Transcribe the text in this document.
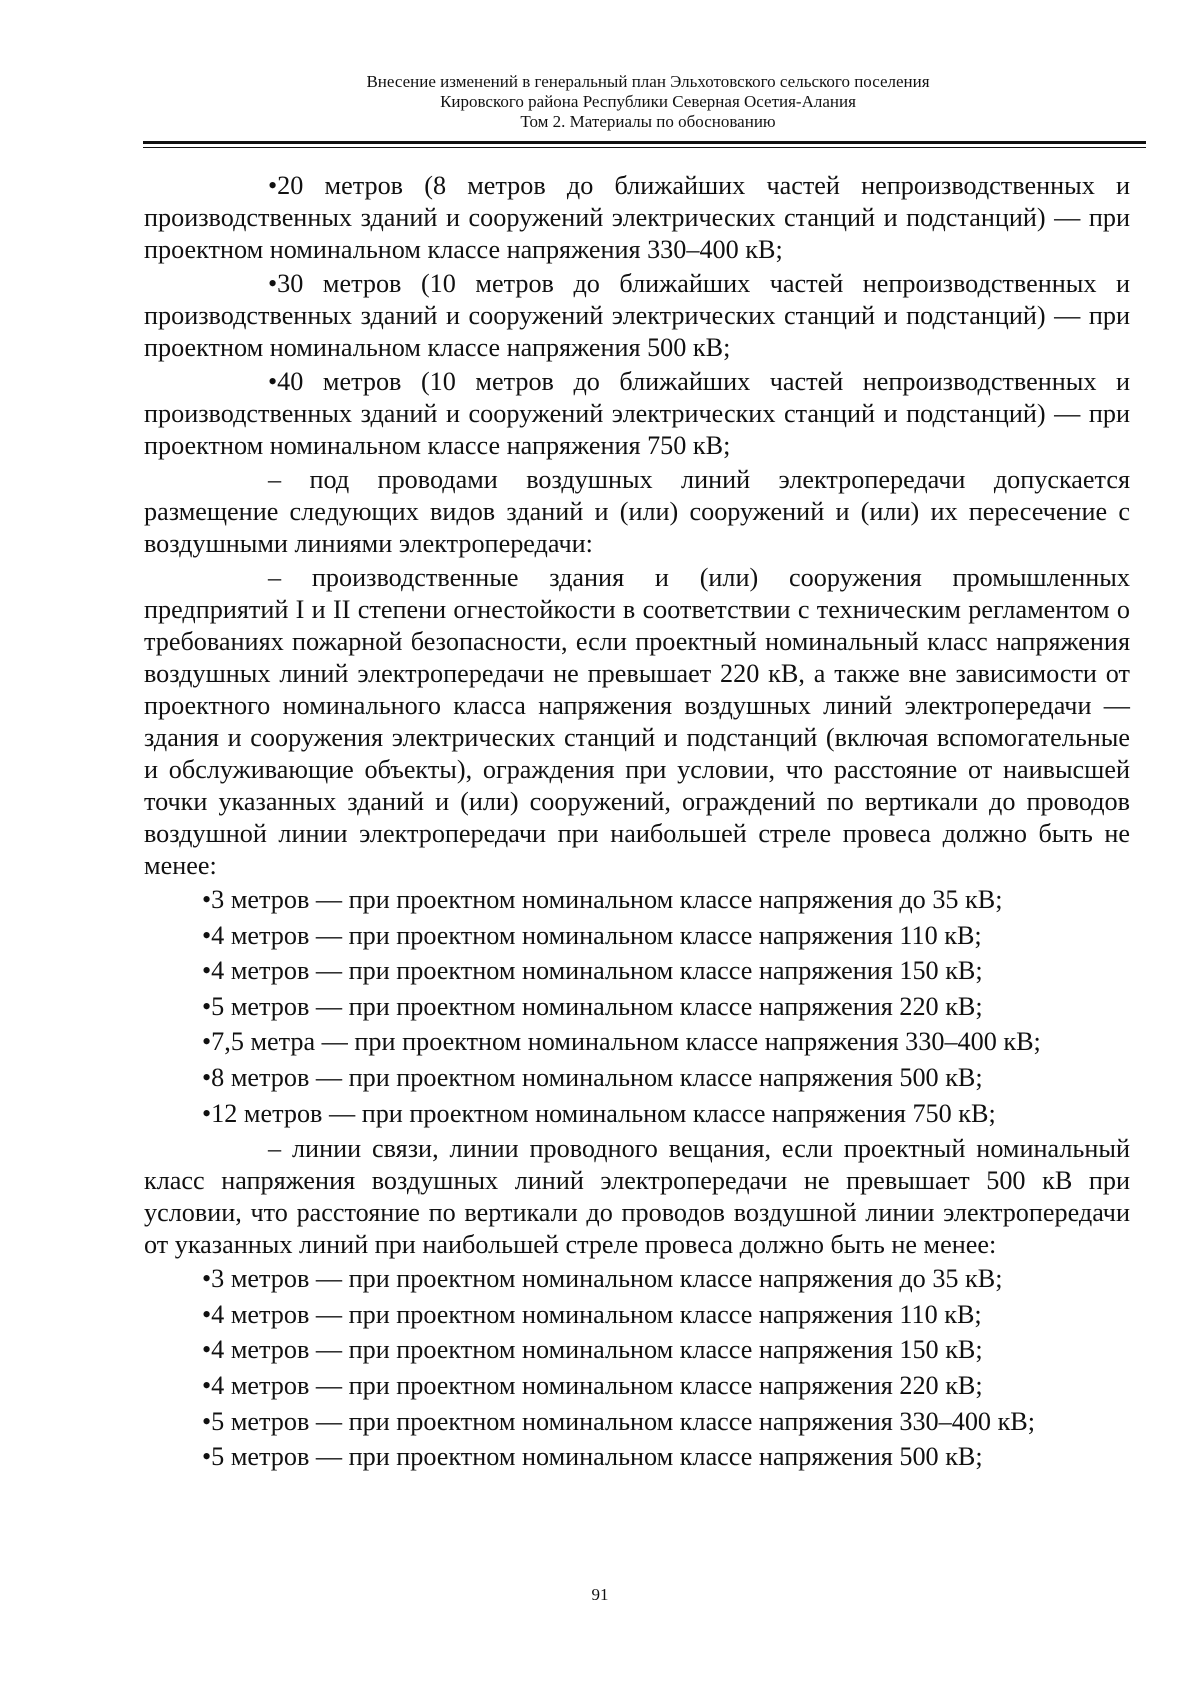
Внесение изменений в генеральный план Эльхотовского сельского поселения
Кировского района Республики Северная Осетия-Алания
Том 2. Материалы по обоснованию

•20 метров (8 метров до ближайших частей непроизводственных и производственных зданий и сооружений электрических станций и подстанций) — при проектном номинальном классе напряжения 330–400 кВ;

•30 метров (10 метров до ближайших частей непроизводственных и производственных зданий и сооружений электрических станций и подстанций) — при проектном номинальном классе напряжения 500 кВ;

•40 метров (10 метров до ближайших частей непроизводственных и производственных зданий и сооружений электрических станций и подстанций) — при проектном номинальном классе напряжения 750 кВ;

– под проводами воздушных линий электропередачи допускается размещение следующих видов зданий и (или) сооружений и (или) их пересечение с воздушными линиями электропередачи:

– производственные здания и (или) сооружения промышленных предприятий I и II степени огнестойкости в соответствии с техническим регламентом о требованиях пожарной безопасности, если проектный номинальный класс напряжения воздушных линий электропередачи не превышает 220 кВ, а также вне зависимости от проектного номинального класса напряжения воздушных линий электропередачи — здания и сооружения электрических станций и подстанций (включая вспомогательные и обслуживающие объекты), ограждения при условии, что расстояние от наивысшей точки указанных зданий и (или) сооружений, ограждений по вертикали до проводов воздушной линии электропередачи при наибольшей стреле провеса должно быть не менее:

•3 метров — при проектном номинальном классе напряжения до 35 кВ;

•4 метров — при проектном номинальном классе напряжения 110 кВ;

•4 метров — при проектном номинальном классе напряжения 150 кВ;

•5 метров — при проектном номинальном классе напряжения 220 кВ;

•7,5 метра — при проектном номинальном классе напряжения 330–400 кВ;

•8 метров — при проектном номинальном классе напряжения 500 кВ;

•12 метров — при проектном номинальном классе напряжения 750 кВ;

– линии связи, линии проводного вещания, если проектный номинальный класс напряжения воздушных линий электропередачи не превышает 500 кВ при условии, что расстояние по вертикали до проводов воздушной линии электропередачи от указанных линий при наибольшей стреле провеса должно быть не менее:

•3 метров — при проектном номинальном классе напряжения до 35 кВ;

•4 метров — при проектном номинальном классе напряжения 110 кВ;

•4 метров — при проектном номинальном классе напряжения 150 кВ;

•4 метров — при проектном номинальном классе напряжения 220 кВ;

•5 метров — при проектном номинальном классе напряжения 330–400 кВ;

•5 метров — при проектном номинальном классе напряжения 500 кВ;

91
